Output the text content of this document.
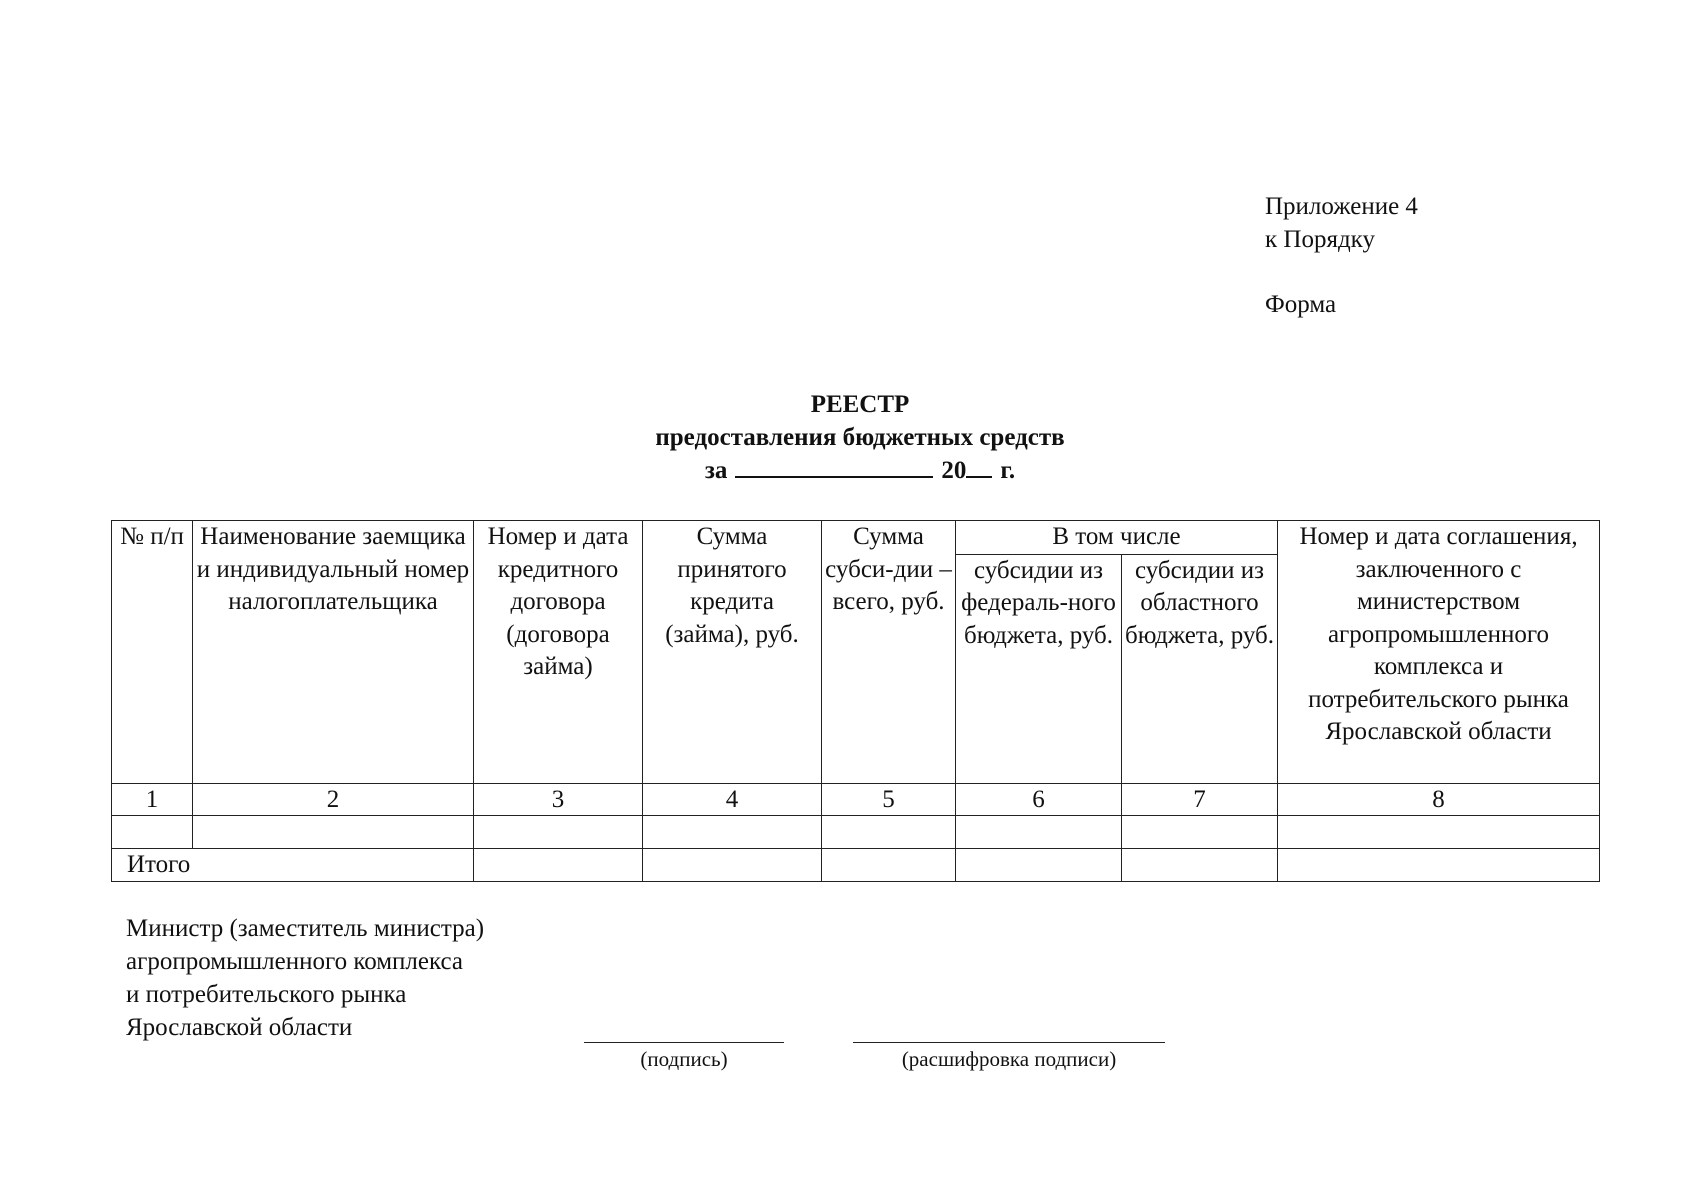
Приложение 4
к Порядку
Форма
РЕЕСТР
предоставления бюджетных средств
за	20 г.
№ п/п	Наименование заемщика и индивидуальный номер налогоплательщика	Номер и дата кредитного договора (договора займа)	Сумма принятого кредита (займа), руб.	Сумма субси-дии – всего, руб.	В том числе		Номер и дата соглашения, заключенного с министерством агропромышленного комплекса и потребительского рынка Ярославской области
					субсидии из федераль-ного бюджета, руб.	субсидии из областного бюджета, руб.	
1	2	3	4	5	6	7	8

Итого							
Министр (заместитель министра)
агропромышленного комплекса
и потребительского рынка
Ярославской области
(подпись)	(расшифровка подписи)
